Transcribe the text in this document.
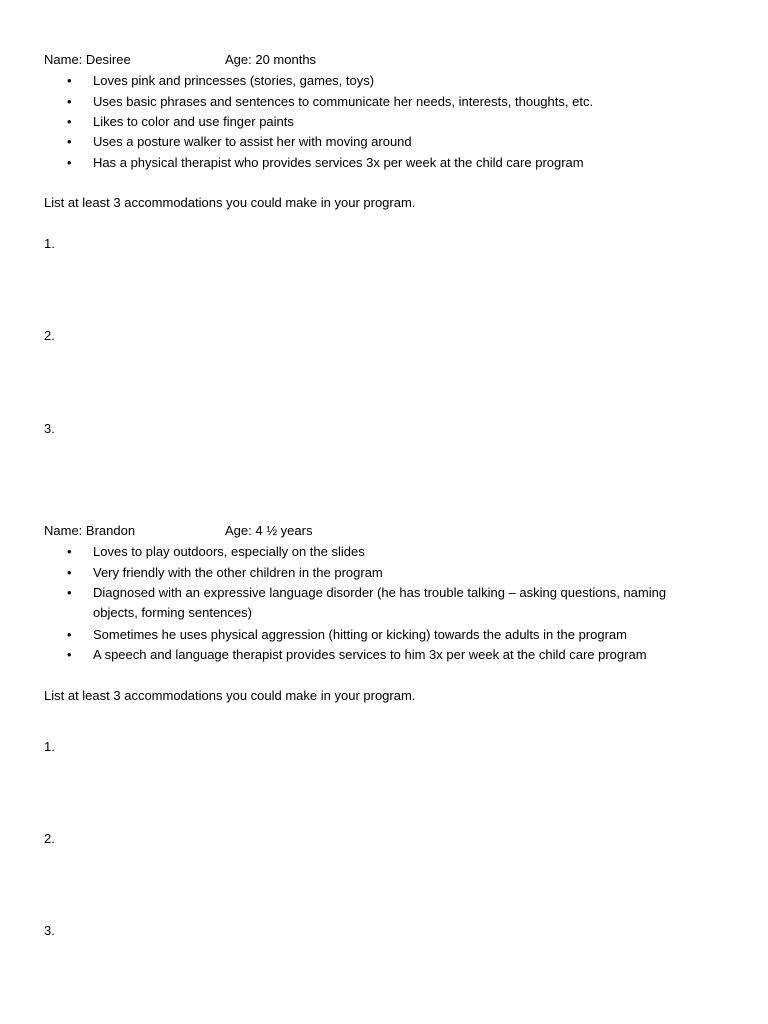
Name: Desiree	Age: 20 months
• Loves pink and princesses (stories, games, toys)
• Uses basic phrases and sentences to communicate her needs, interests, thoughts, etc.
• Likes to color and use finger paints
• Uses a posture walker to assist her with moving around
• Has a physical therapist who provides services 3x per week at the child care program
List at least 3 accommodations you could make in your program.
1.
2.
3.
Name: Brandon	Age: 4 ½ years
• Loves to play outdoors, especially on the slides
• Very friendly with the other children in the program
• Diagnosed with an expressive language disorder (he has trouble talking – asking questions, naming objects, forming sentences)
• Sometimes he uses physical aggression (hitting or kicking) towards the adults in the program
• A speech and language therapist provides services to him 3x per week at the child care program
List at least 3 accommodations you could make in your program.
1.
2.
3.
